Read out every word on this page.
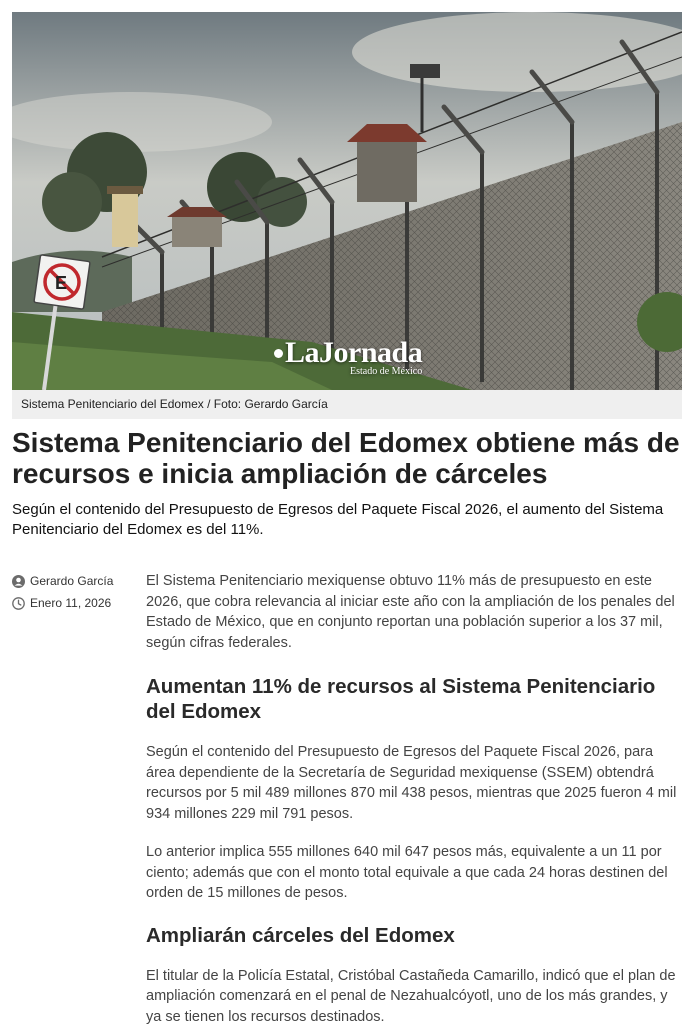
E
LaJornada
Estado de México
Sistema Penitenciario del Edomex / Foto: Gerardo García
Sistema Penitenciario del Edomex obtiene más de recursos e inicia ampliación de cárceles

Según el contenido del Presupuesto de Egresos del Paquete Fiscal 2026, el aumento del Sistema Penitenciario del Edomex es del 11%.

Gerardo García
Enero 11, 2026

El Sistema Penitenciario mexiquense obtuvo 11% más de presupuesto en este 2026, que cobra relevancia al iniciar este año con la ampliación de los penales del Estado de México, que en conjunto reportan una población superior a los 37 mil, según cifras federales.

Aumentan 11% de recursos al Sistema Penitenciario del Edomex

Según el contenido del Presupuesto de Egresos del Paquete Fiscal 2026, para área dependiente de la Secretaría de Seguridad mexiquense (SSEM) obtendrá recursos por 5 mil 489 millones 870 mil 438 pesos, mientras que 2025 fueron 4 mil 934 millones 229 mil 791 pesos.

Lo anterior implica 555 millones 640 mil 647 pesos más, equivalente a un 11 por ciento; además que con el monto total equivale a que cada 24 horas destinen del orden de 15 millones de pesos.

Ampliarán cárceles del Edomex

El titular de la Policía Estatal, Cristóbal Castañeda Camarillo, indicó que el plan de ampliación comenzará en el penal de Nezahualcóyotl, uno de los más grandes, y ya se tienen los recursos destinados.
